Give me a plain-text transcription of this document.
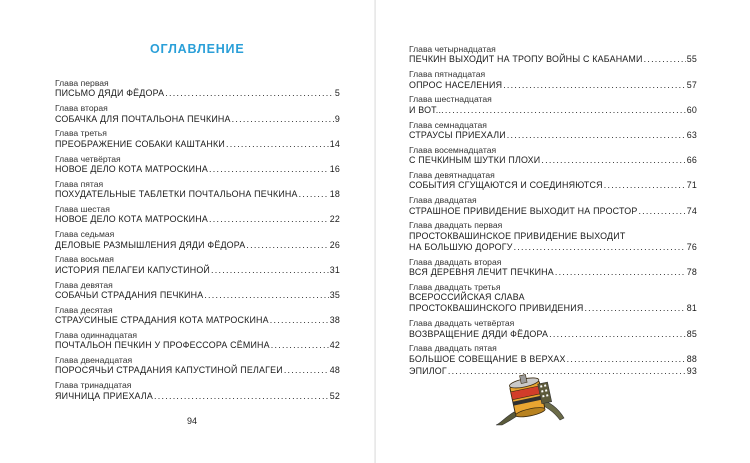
ОГЛАВЛЕНИЕ
Глава первая
ПИСЬМО ДЯДИ ФЁДОРА . . .	5
Глава вторая
СОБАЧКА ДЛЯ ПОЧТАЛЬОНА ПЕЧКИНА . . .	9
Глава третья
ПРЕОБРАЖЕНИЕ СОБАКИ КАШТАНКИ . . .	14
Глава четвёртая
НОВОЕ ДЕЛО КОТА МАТРОСКИНА . . .	16
Глава пятая
ПОХУДАТЕЛЬНЫЕ ТАБЛЕТКИ ПОЧТАЛЬОНА ПЕЧКИНА . . .	18
Глава шестая
НОВОЕ ДЕЛО КОТА МАТРОСКИНА . . .	22
Глава седьмая
ДЕЛОВЫЕ РАЗМЫШЛЕНИЯ ДЯДИ ФЁДОРА . . .	26
Глава восьмая
ИСТОРИЯ ПЕЛАГЕИ КАПУСТИНОЙ . . .	31
Глава девятая
СОБАЧЬИ СТРАДАНИЯ ПЕЧКИНА . . .	35
Глава десятая
СТРАУСИНЫЕ СТРАДАНИЯ КОТА МАТРОСКИНА . . .	38
Глава одиннадцатая
ПОЧТАЛЬОН ПЕЧКИН У ПРОФЕССОРА СЁМИНА . . .	42
Глава двенадцатая
ПОРОСЯЧЬИ СТРАДАНИЯ КАПУСТИНОЙ ПЕЛАГЕИ . . .	48
Глава тринадцатая
ЯИЧНИЦА ПРИЕХАЛА . . .	52
94
Глава четырнадцатая
ПЕЧКИН ВЫХОДИТ НА ТРОПУ ВОЙНЫ С КАБАНАМИ . . .	55
Глава пятнадцатая
ОПРОС НАСЕЛЕНИЯ . . .	57
Глава шестнадцатая
И ВОТ... . . .	60
Глава семнадцатая
СТРАУСЫ ПРИЕХАЛИ . . .	63
Глава восемнадцатая
С ПЕЧКИНЫМ ШУТКИ ПЛОХИ . . .	66
Глава девятнадцатая
СОБЫТИЯ СГУЩАЮТСЯ И СОЕДИНЯЮТСЯ . . .	71
Глава двадцатая
СТРАШНОЕ ПРИВИДЕНИЕ ВЫХОДИТ НА ПРОСТОР . . .	74
Глава двадцать первая
ПРОСТОКВАШИНСКОЕ ПРИВИДЕНИЕ ВЫХОДИТ
НА БОЛЬШУЮ ДОРОГУ . . .	76
Глава двадцать вторая
ВСЯ ДЕРЕВНЯ ЛЕЧИТ ПЕЧКИНА . . .	78
Глава двадцать третья
ВСЕРОССИЙСКАЯ СЛАВА
ПРОСТОКВАШИНСКОГО ПРИВИДЕНИЯ . . .	81
Глава двадцать четвёртая
ВОЗВРАЩЕНИЕ ДЯДИ ФЁДОРА . . .	85
Глава двадцать пятая
БОЛЬШОЕ СОВЕЩАНИЕ В ВЕРХАХ . . .	88
ЭПИЛОГ . . .	93
